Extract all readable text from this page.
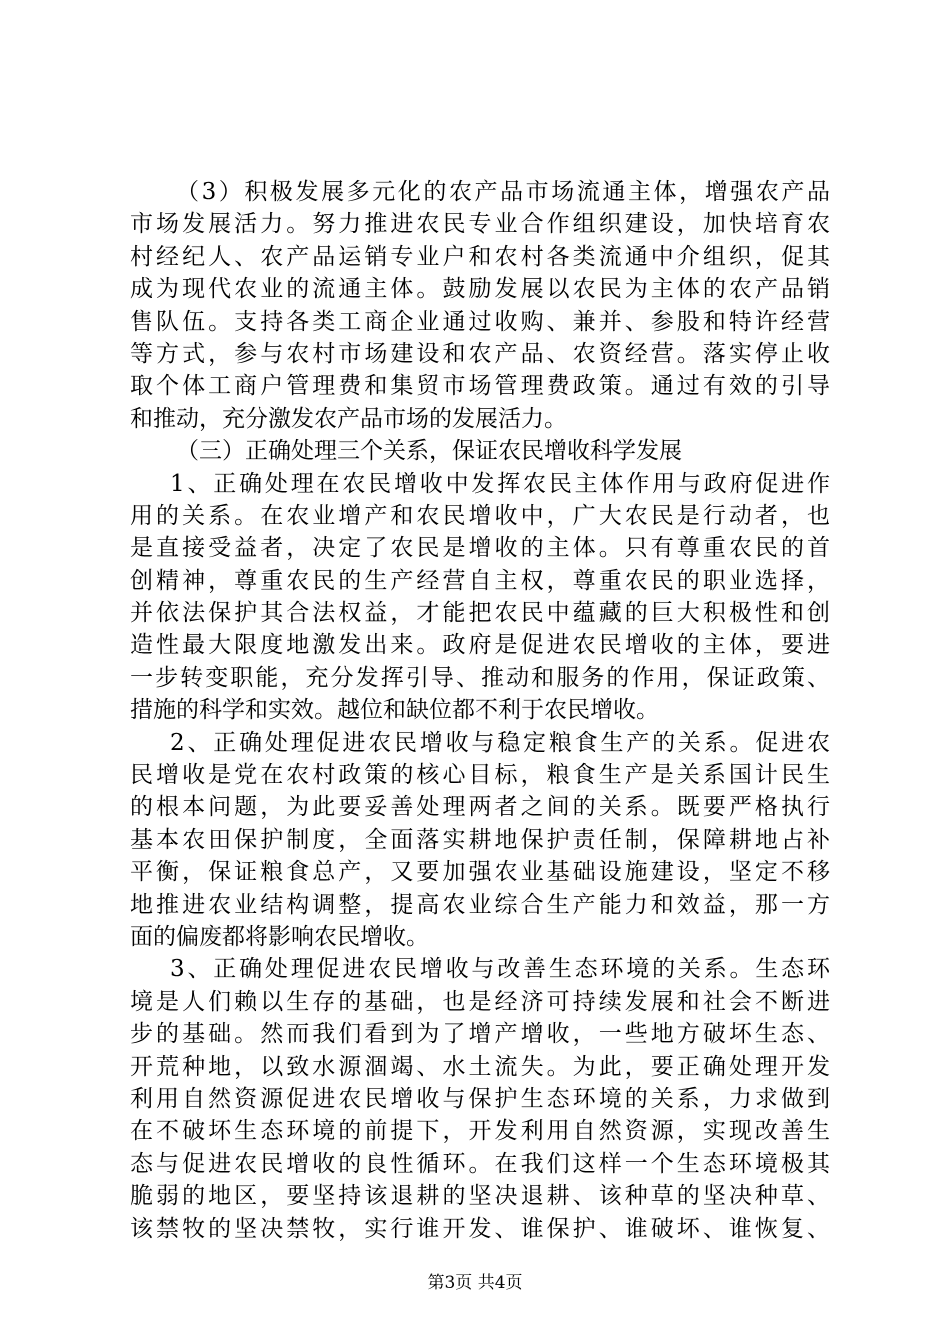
（3）积极发展多元化的农产品市场流通主体，增强农产品
市场发展活力。努力推进农民专业合作组织建设，加快培育农
村经纪人、农产品运销专业户和农村各类流通中介组织，促其
成为现代农业的流通主体。鼓励发展以农民为主体的农产品销
售队伍。支持各类工商企业通过收购、兼并、参股和特许经营
等方式，参与农村市场建设和农产品、农资经营。落实停止收
取个体工商户管理费和集贸市场管理费政策。通过有效的引导
和推动，充分激发农产品市场的发展活力。
（三）正确处理三个关系，保证农民增收科学发展
1、正确处理在农民增收中发挥农民主体作用与政府促进作
用的关系。在农业增产和农民增收中，广大农民是行动者，也
是直接受益者，决定了农民是增收的主体。只有尊重农民的首
创精神，尊重农民的生产经营自主权，尊重农民的职业选择，
并依法保护其合法权益，才能把农民中蕴藏的巨大积极性和创
造性最大限度地激发出来。政府是促进农民增收的主体，要进
一步转变职能，充分发挥引导、推动和服务的作用，保证政策、
措施的科学和实效。越位和缺位都不利于农民增收。
2、正确处理促进农民增收与稳定粮食生产的关系。促进农
民增收是党在农村政策的核心目标，粮食生产是关系国计民生
的根本问题，为此要妥善处理两者之间的关系。既要严格执行
基本农田保护制度，全面落实耕地保护责任制，保障耕地占补
平衡，保证粮食总产，又要加强农业基础设施建设，坚定不移
地推进农业结构调整，提高农业综合生产能力和效益，那一方
面的偏废都将影响农民增收。
3、正确处理促进农民增收与改善生态环境的关系。生态环
境是人们赖以生存的基础，也是经济可持续发展和社会不断进
步的基础。然而我们看到为了增产增收，一些地方破坏生态、
开荒种地，以致水源涸竭、水土流失。为此，要正确处理开发
利用自然资源促进农民增收与保护生态环境的关系，力求做到
在不破坏生态环境的前提下，开发利用自然资源，实现改善生
态与促进农民增收的良性循环。在我们这样一个生态环境极其
脆弱的地区，要坚持该退耕的坚决退耕、该种草的坚决种草、
该禁牧的坚决禁牧，实行谁开发、谁保护、谁破坏、谁恢复、
第3页 共4页
